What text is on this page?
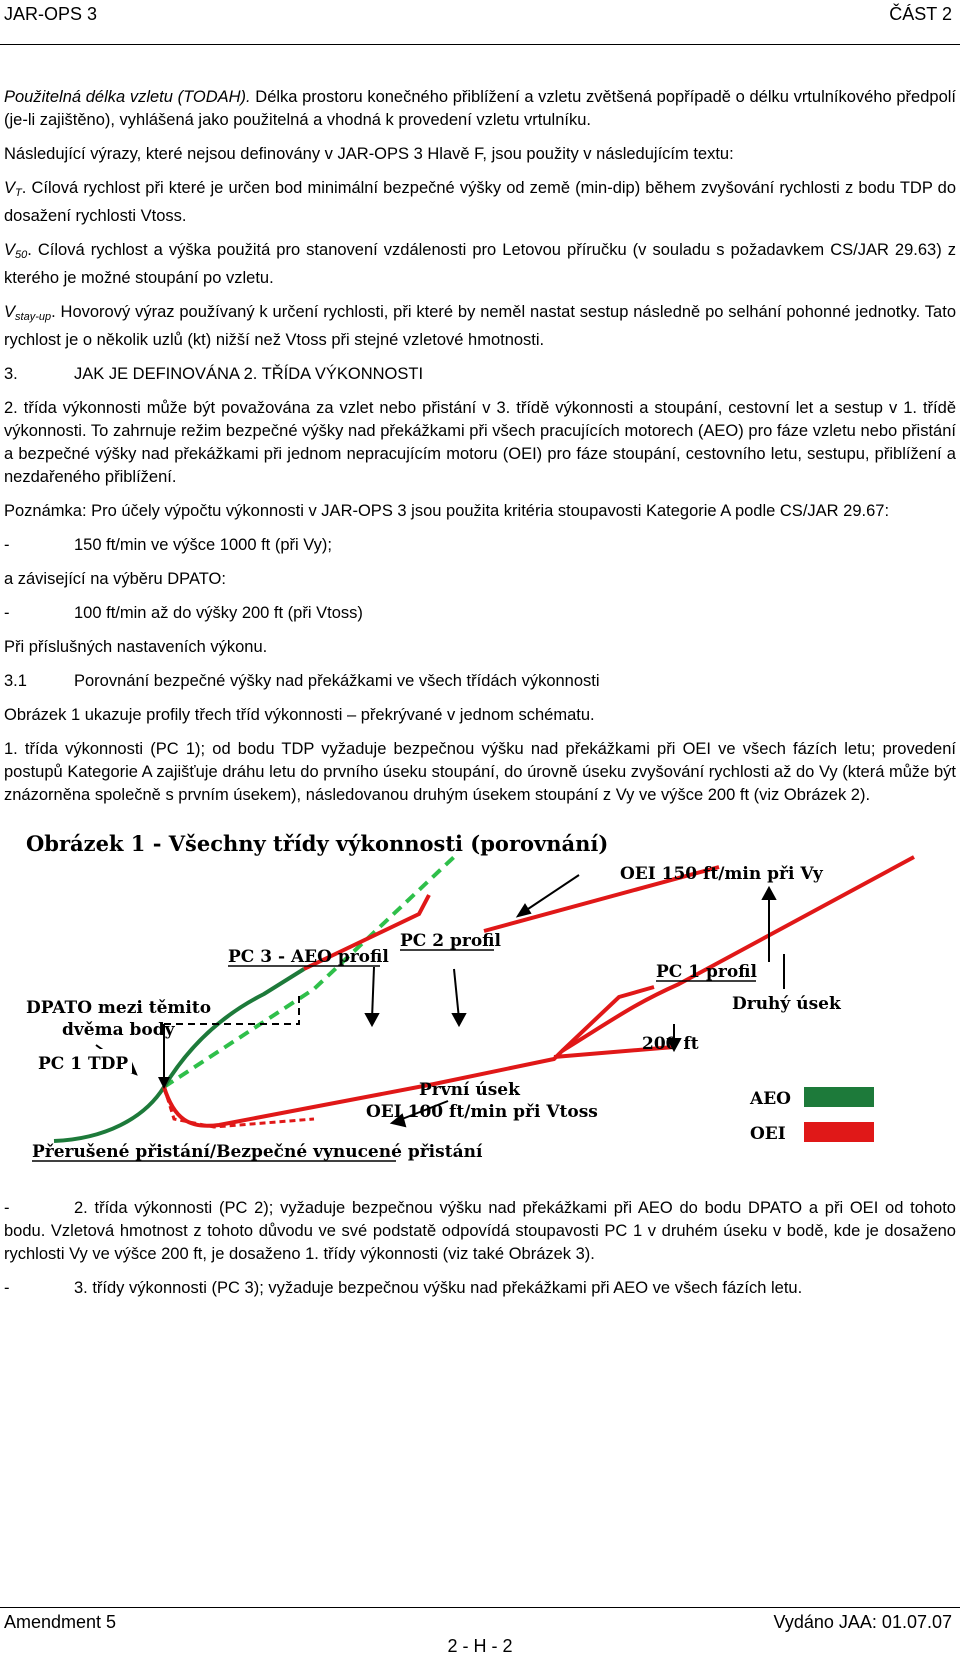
JAR-OPS 3	ČÁST 2

Použitelná délka vzletu (TODAH). Délka prostoru konečného přiblížení a vzletu zvětšená popřípadě o délku vrtulníkového předpolí (je-li zajištěno), vyhlášená jako použitelná a vhodná k provedení vzletu vrtulníku.

Následující výrazy, které nejsou definovány v JAR-OPS 3 Hlavě F, jsou použity v následujícím textu:

$V_T$. Cílová rychlost při které je určen bod minimální bezpečné výšky od země (min-dip) během zvyšování rychlosti z bodu TDP do dosažení rychlosti Vtoss.

$V_{50}$. Cílová rychlost a výška použitá pro stanovení vzdálenosti pro Letovou příručku (v souladu s požadavkem CS/JAR 29.63) z kterého je možné stoupání po vzletu.

$V_{stay-up}$. Hovorový výraz používaný k určení rychlosti, při které by neměl nastat sestup následně po selhání pohonné jednotky. Tato rychlost je o několik uzlů (kt) nižší než Vtoss při stejné vzletové hmotnosti.

3.	JAK JE DEFINOVÁNA 2. TŘÍDA VÝKONNOSTI

2. třída výkonnosti může být považována za vzlet nebo přistání v 3. třídě výkonnosti a stoupání, cestovní let a sestup v 1. třídě výkonnosti. To zahrnuje režim bezpečné výšky nad překážkami při všech pracujících motorech (AEO) pro fáze vzletu nebo přistání a bezpečné výšky nad překážkami při jednom nepracujícím motoru (OEI) pro fáze stoupání, cestovního letu, sestupu, přiblížení a nezdařeného přiblížení.

Poznámka: Pro účely výpočtu výkonnosti v JAR-OPS 3 jsou použita kritéria stoupavosti Kategorie A podle CS/JAR 29.67:

-	150 ft/min ve výšce 1000 ft (při Vy);

a závisející na výběru DPATO:

-	100 ft/min až do výšky 200 ft (při Vtoss)

Při příslušných nastaveních výkonu.

3.1	Porovnání bezpečné výšky nad překážkami ve všech třídách výkonnosti

Obrázek 1 ukazuje profily třech tříd výkonnosti – překrývané v jednom schématu.

1. třída výkonnosti (PC 1); od bodu TDP vyžaduje bezpečnou výšku nad překážkami při OEI ve všech fázích letu; provedení postupů Kategorie A zajišťuje dráhu letu do prvního úseku stoupání, do úrovně úseku zvyšování rychlosti až do Vy (která může být znázorněna společně s prvním úsekem), následovanou druhým úsekem stoupání z Vy ve výšce 200 ft (viz Obrázek 2).

Obrázek 1 - Všechny třídy výkonnosti (porovnání)
OEI 150 ft/min při Vy
PC 3 - AEO profil
PC 2 profil
PC 1 profil
DPATO mezi těmito
dvěma body
Druhý úsek
200 ft
PC 1 TDP
První úsek
OEI 100 ft/min při Vtoss
Přerušené přistání/Bezpečné vynucené přistání
AEO
OEI
-	2. třída výkonnosti (PC 2); vyžaduje bezpečnou výšku nad překážkami při AEO do bodu DPATO a při OEI od tohoto bodu. Vzletová hmotnost z tohoto důvodu ve své podstatě odpovídá stoupavosti PC 1 v druhém úseku v bodě, kde je dosaženo rychlosti Vy ve výšce 200 ft, je dosaženo 1. třídy výkonnosti (viz také Obrázek 3).
-	3. třídy výkonnosti (PC 3); vyžaduje bezpečnou výšku nad překážkami při AEO ve všech fázích letu.
Amendment 5	Vydáno JAA: 01.07.07
2 - H - 2
